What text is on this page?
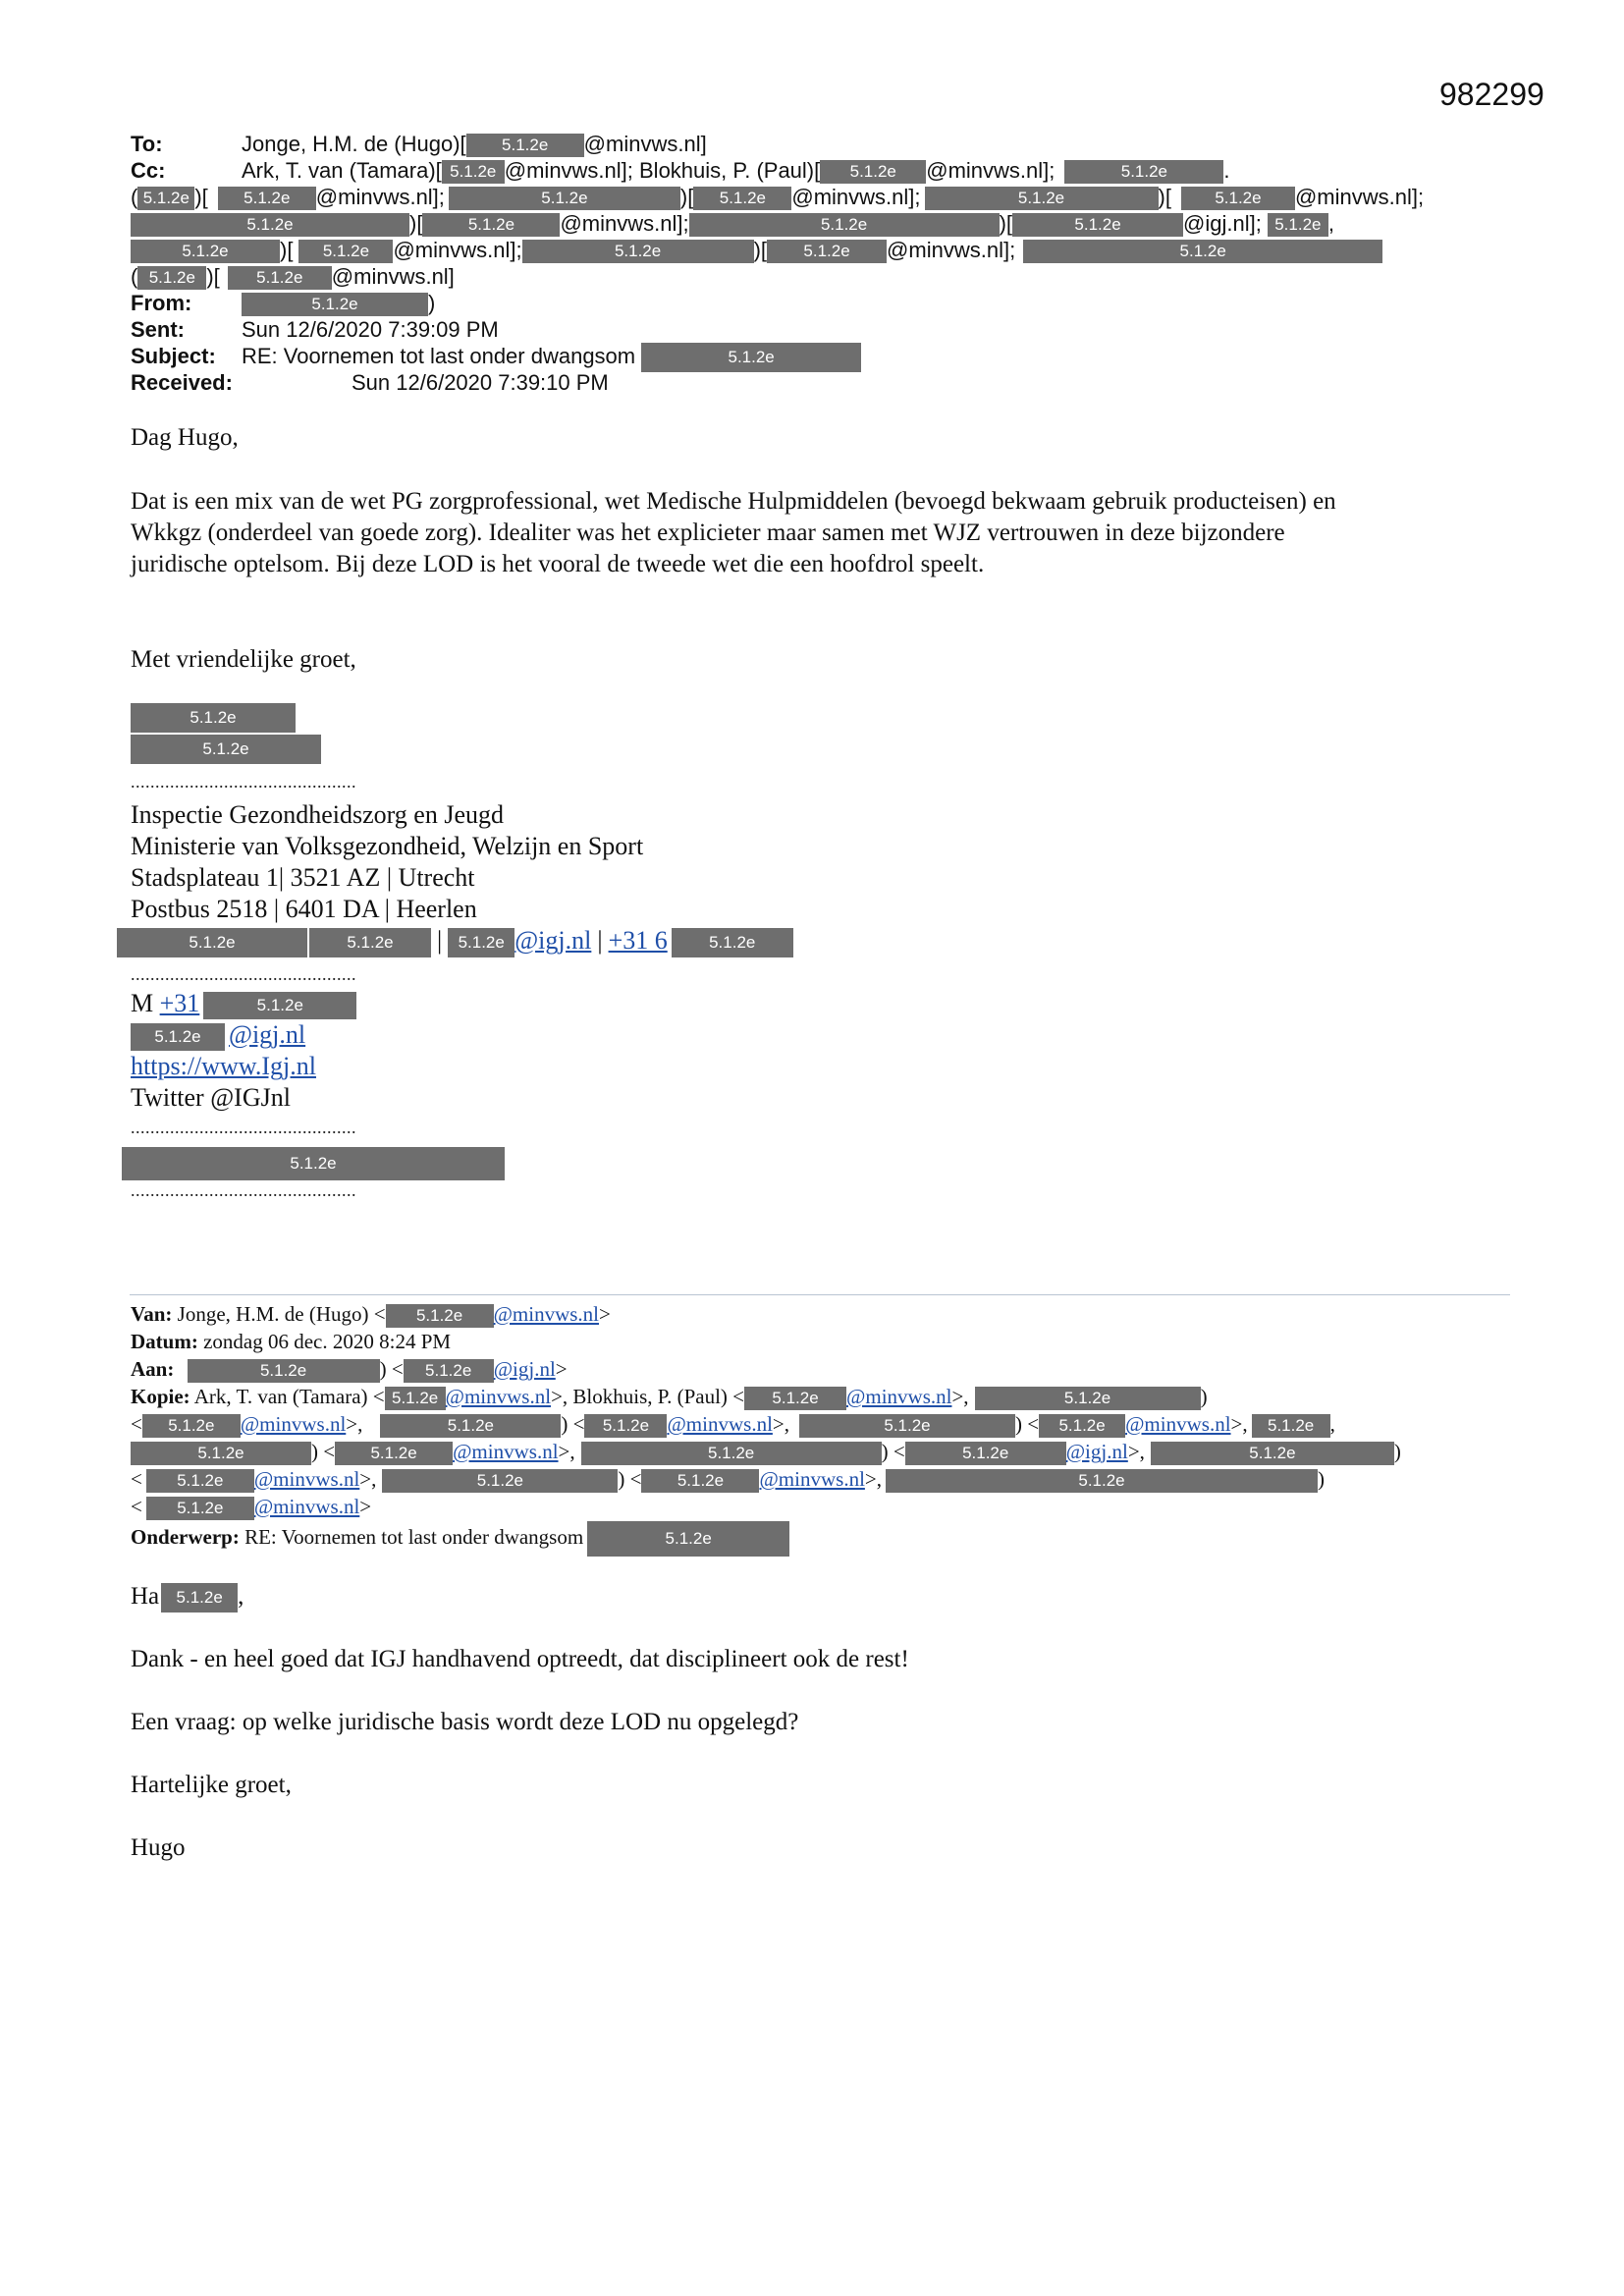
982299
To:	Jonge, H.M. de (Hugo)[ 5.1.2e @minvws.nl]
Cc:	Ark, T. van (Tamara)[ 5.1.2e @minvws.nl]; Blokhuis, P. (Paul)[ 5.1.2e @minvws.nl];	5.1.2e	.
( 5.1.2e )[ 5.1.2e @minvws.nl];	5.1.2e	)[ 5.1.2e @minvws.nl];	5.1.2e	)[	5.1.2e @minvws.nl];
5.1.2e	)[	5.1.2e @minvws.nl];	5.1.2e	)[	5.1.2e	@igj.nl]; 5.1.2e ,
5.1.2e )[ 5.1.2e @minvws.nl];	5.1.2e	)[ 5.1.2e @minvws.nl];	5.1.2e
( 5.1.2e )[ 5.1.2e @minvws.nl]
From:	5.1.2e	)
Sent:	Sun 12/6/2020 7:39:09 PM
Subject: RE: Voornemen tot last onder dwangsom	5.1.2e
Received:	Sun 12/6/2020 7:39:10 PM
Dag Hugo,
Dat is een mix van de wet PG zorgprofessional, wet Medische Hulpmiddelen (bevoegd bekwaam gebruik producteisen) en
Wkkgz (onderdeel van goede zorg). Idealiter was het explicieter maar samen met WJZ vertrouwen in deze bijzondere
juridische optelsom. Bij deze LOD is het vooral de tweede wet die een hoofdrol speelt.
Met vriendelijke groet,
5.1.2e
5.1.2e
..............................................
Inspectie Gezondheidszorg en Jeugd
Ministerie van Volksgezondheid, Welzijn en Sport
Stadsplateau 1| 3521 AZ | Utrecht
Postbus 2518 | 6401 DA | Heerlen
5.1.2e	5.1.2e | 5.1.2e @igj.nl | +31 6 5.1.2e
..............................................
M +31	5.1.2e
5.1.2e @igj.nl
https://www.Igj.nl
Twitter @IGJnl
..............................................
5.1.2e
..............................................
Van: Jonge, H.M. de (Hugo) < 5.1.2e @minvws.nl>
Datum: zondag 06 dec. 2020 8:24 PM
Aan:	5.1.2e	) < 5.1.2e @igj.nl>
Kopie: Ark, T. van (Tamara) < 5.1.2e @minvws.nl>, Blokhuis, P. (Paul) < 5.1.2e @minvws.nl>,	5.1.2e	)
< 5.1.2e @minvws.nl>,	5.1.2e	) < 5.1.2e @minvws.nl>,	5.1.2e	) < 5.1.2e @minvws.nl>, 5.1.2e ,
5.1.2e	) < 5.1.2e @minvws.nl>,	5.1.2e	) <	5.1.2e	@igj.nl>,	5.1.2e	)
< 5.1.2e @minvws.nl>,	5.1.2e	) < 5.1.2e @minvws.nl>,	5.1.2e	)
< 5.1.2e @minvws.nl>
Onderwerp: RE: Voornemen tot last onder dwangsom	5.1.2e
Ha 5.1.2e ,
Dank - en heel goed dat IGJ handhavend optreedt, dat disciplineert ook de rest!
Een vraag: op welke juridische basis wordt deze LOD nu opgelegd?
Hartelijke groet,
Hugo
